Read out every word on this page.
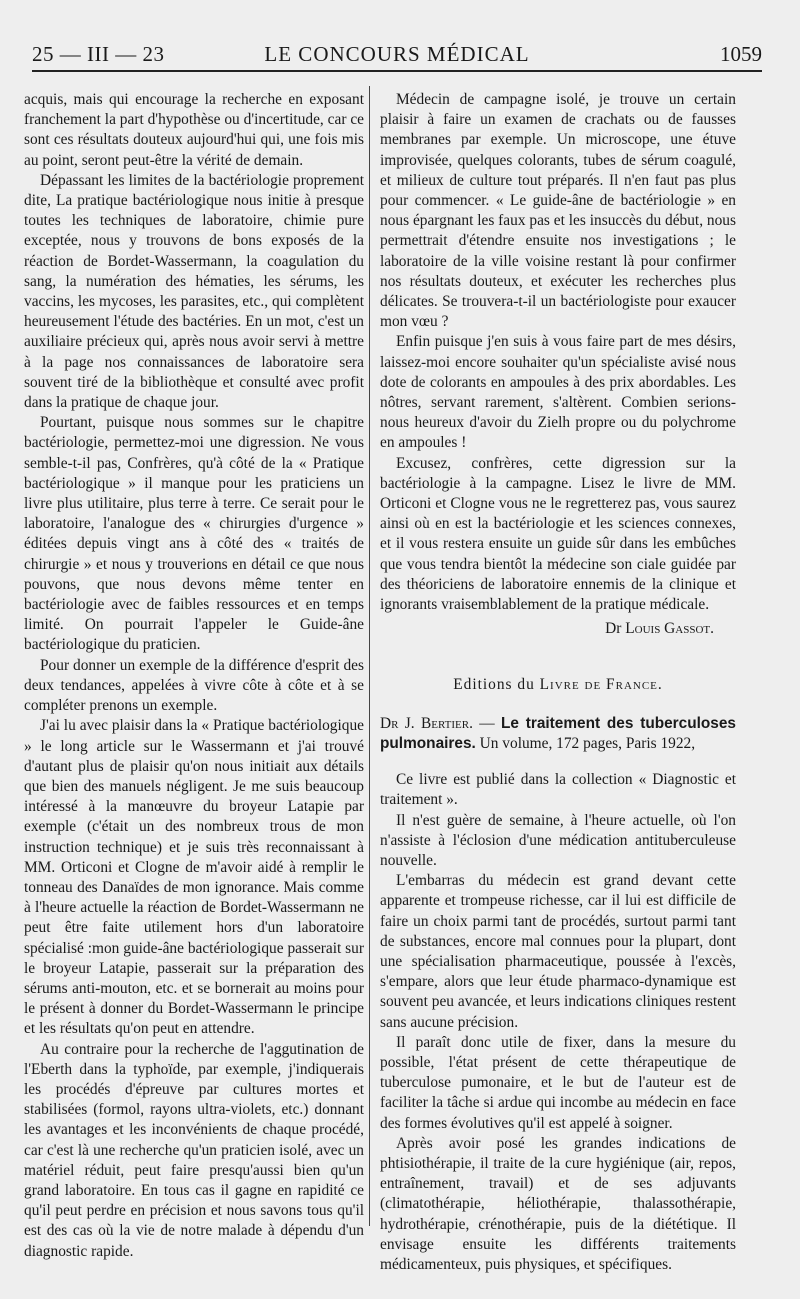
25 — III — 23	LE CONCOURS MÉDICAL	1059

acquis, mais qui encourage la recherche en exposant franchement la part d'hypothèse ou d'incertitude, car ce sont ces résultats douteux aujourd'hui qui, une fois mis au point, seront peut-être la vérité de demain.

Dépassant les limites de la bactériologie proprement dite, La pratique bactériologique nous initie à presque toutes les techniques de laboratoire, chimie pure exceptée, nous y trouvons de bons exposés de la réaction de Bordet-Wassermann, la coagulation du sang, la numération des hématies, les sérums, les vaccins, les mycoses, les parasites, etc., qui complètent heureusement l'étude des bactéries. En un mot, c'est un auxiliaire précieux qui, après nous avoir servi à mettre à la page nos connaissances de laboratoire sera souvent tiré de la bibliothèque et consulté avec profit dans la pratique de chaque jour.

Pourtant, puisque nous sommes sur le chapitre bactériologie, permettez-moi une digression. Ne vous semble-t-il pas, Confrères, qu'à côté de la « Pratique bactériologique » il manque pour les praticiens un livre plus utilitaire, plus terre à terre. Ce serait pour le laboratoire, l'analogue des « chirurgies d'urgence » éditées depuis vingt ans à côté des « traités de chirurgie » et nous y trouverions en détail ce que nous pouvons, que nous devons même tenter en bactériologie avec de faibles ressources et en temps limité. On pourrait l'appeler le Guide-âne bactériologique du praticien.

Pour donner un exemple de la différence d'esprit des deux tendances, appelées à vivre côte à côte et à se compléter prenons un exemple.

J'ai lu avec plaisir dans la « Pratique bactériologique » le long article sur le Wassermann et j'ai trouvé d'autant plus de plaisir qu'on nous initiait aux détails que bien des manuels négligent. Je me suis beaucoup intéressé à la manœuvre du broyeur Latapie par exemple (c'était un des nombreux trous de mon instruction technique) et je suis très reconnaissant à MM. Orticoni et Clogne de m'avoir aidé à remplir le tonneau des Danaïdes de mon ignorance. Mais comme à l'heure actuelle la réaction de Bordet-Wassermann ne peut être faite utilement hors d'un laboratoire spécialisé :mon guide-âne bactériologique passerait sur le broyeur Latapie, passerait sur la préparation des sérums anti-mouton, etc. et se bornerait au moins pour le présent à donner du Bordet-Wassermann le principe et les résultats qu'on peut en attendre.

Au contraire pour la recherche de l'aggutination de l'Eberth dans la typhoïde, par exemple, j'indiquerais les procédés d'épreuve par cultures mortes et stabilisées (formol, rayons ultra-violets, etc.) donnant les avantages et les inconvénients de chaque procédé, car c'est là une recherche qu'un praticien isolé, avec un matériel réduit, peut faire presqu'aussi bien qu'un grand laboratoire. En tous cas il gagne en rapidité ce qu'il peut perdre en précision et nous savons tous qu'il est des cas où la vie de notre malade à dépendu d'un diagnostic rapide.

Médecin de campagne isolé, je trouve un certain plaisir à faire un examen de crachats ou de fausses membranes par exemple. Un microscope, une étuve improvisée, quelques colorants, tubes de sérum coagulé, et milieux de culture tout préparés. Il n'en faut pas plus pour commencer. « Le guide-âne de bactériologie » en nous épargnant les faux pas et les insuccès du début, nous permettrait d'étendre ensuite nos investigations ; le laboratoire de la ville voisine restant là pour confirmer nos résultats douteux, et exécuter les recherches plus délicates. Se trouvera-t-il un bactériologiste pour exaucer mon vœu ?

Enfin puisque j'en suis à vous faire part de mes désirs, laissez-moi encore souhaiter qu'un spécialiste avisé nous dote de colorants en ampoules à des prix abordables. Les nôtres, servant rarement, s'altèrent. Combien serions-nous heureux d'avoir du Zielh propre ou du polychrome en ampoules !

Excusez, confrères, cette digression sur la bactériologie à la campagne. Lisez le livre de MM. Orticoni et Clogne vous ne le regretterez pas, vous saurez ainsi où en est la bactériologie et les sciences connexes, et il vous restera ensuite un guide sûr dans les embûches que vous tendra bientôt la médecine son ciale guidée par des théoriciens de laboratoire ennemis de la clinique et ignorants vraisemblablement de la pratique médicale.

Dr Louis Gassot.
Editions du Livre de France.

Dr J. Bertier. — Le traitement des tuberculoses pulmonaires. Un volume, 172 pages, Paris 1922,

Ce livre est publié dans la collection « Diagnostic et traitement ».

Il n'est guère de semaine, à l'heure actuelle, où l'on n'assiste à l'éclosion d'une médication antituberculeuse nouvelle.

L'embarras du médecin est grand devant cette apparente et trompeuse richesse, car il lui est difficile de faire un choix parmi tant de procédés, surtout parmi tant de substances, encore mal connues pour la plupart, dont une spécialisation pharmaceutique, poussée à l'excès, s'empare, alors que leur étude pharmaco-dynamique est souvent peu avancée, et leurs indications cliniques restent sans aucune précision.

Il paraît donc utile de fixer, dans la mesure du possible, l'état présent de cette thérapeutique de tuberculose pumonaire, et le but de l'auteur est de faciliter la tâche si ardue qui incombe au médecin en face des formes évolutives qu'il est appelé à soigner.

Après avoir posé les grandes indications de phtisiothérapie, il traite de la cure hygiénique (air, repos, entraînement, travail) et de ses adjuvants (climatothérapie, héliothérapie, thalassothérapie, hydrothérapie, crénothérapie, puis de la diététique. Il envisage ensuite les différents traitements médicamenteux, puis physiques, et spécifiques.
